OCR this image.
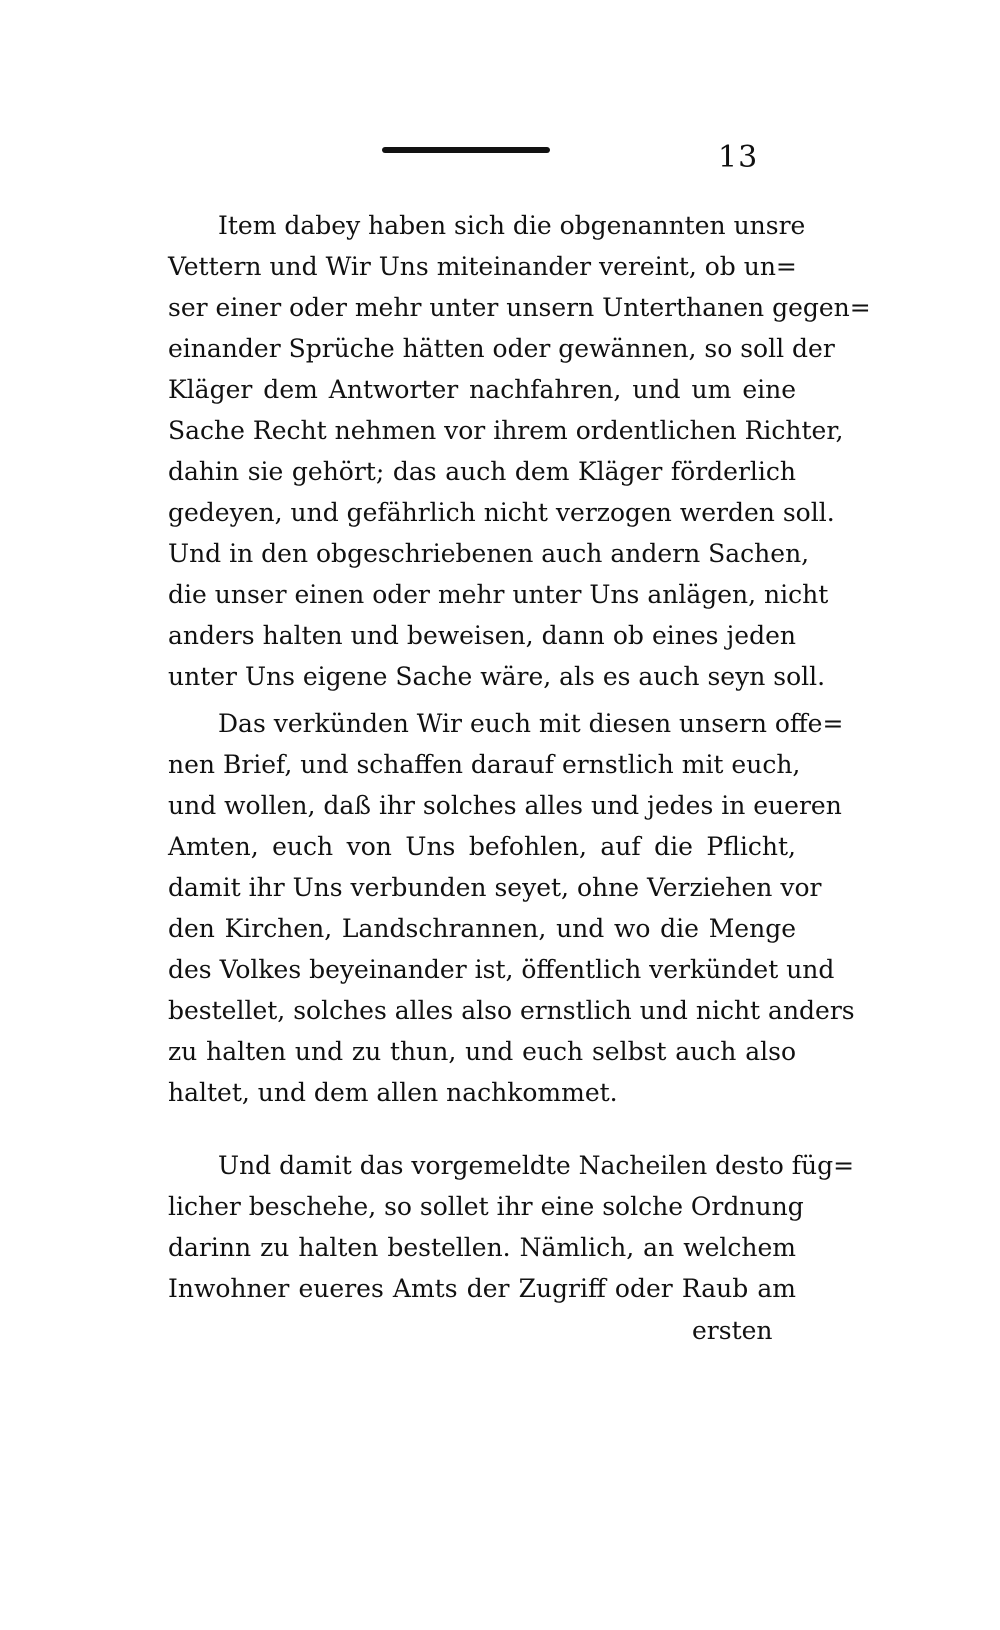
13
Item dabey haben sich die obgenannten unsre
Vettern und Wir Uns miteinander vereint, ob un=
ser einer oder mehr unter unsern Unterthanen gegen=
einander Sprüche hätten oder gewännen, so soll der
Kläger dem Antworter nachfahren, und um eine
Sache Recht nehmen vor ihrem ordentlichen Richter,
dahin sie gehört; das auch dem Kläger förderlich
gedeyen, und gefährlich nicht verzogen werden soll.
Und in den obgeschriebenen auch andern Sachen,
die unser einen oder mehr unter Uns anlägen, nicht
anders halten und beweisen, dann ob eines jeden
unter Uns eigene Sache wäre, als es auch seyn soll.
Das verkünden Wir euch mit diesen unsern offe=
nen Brief, und schaffen darauf ernstlich mit euch,
und wollen, daß ihr solches alles und jedes in eueren
Amten, euch von Uns befohlen, auf die Pflicht,
damit ihr Uns verbunden seyet, ohne Verziehen vor
den Kirchen, Landschrannen, und wo die Menge
des Volkes beyeinander ist, öffentlich verkündet und
bestellet, solches alles also ernstlich und nicht anders
zu halten und zu thun, und euch selbst auch also
haltet, und dem allen nachkommet.
Und damit das vorgemeldte Nacheilen desto füg=
licher beschehe, so sollet ihr eine solche Ordnung
darinn zu halten bestellen. Nämlich, an welchem
Inwohner eueres Amts der Zugriff oder Raub am
ersten
